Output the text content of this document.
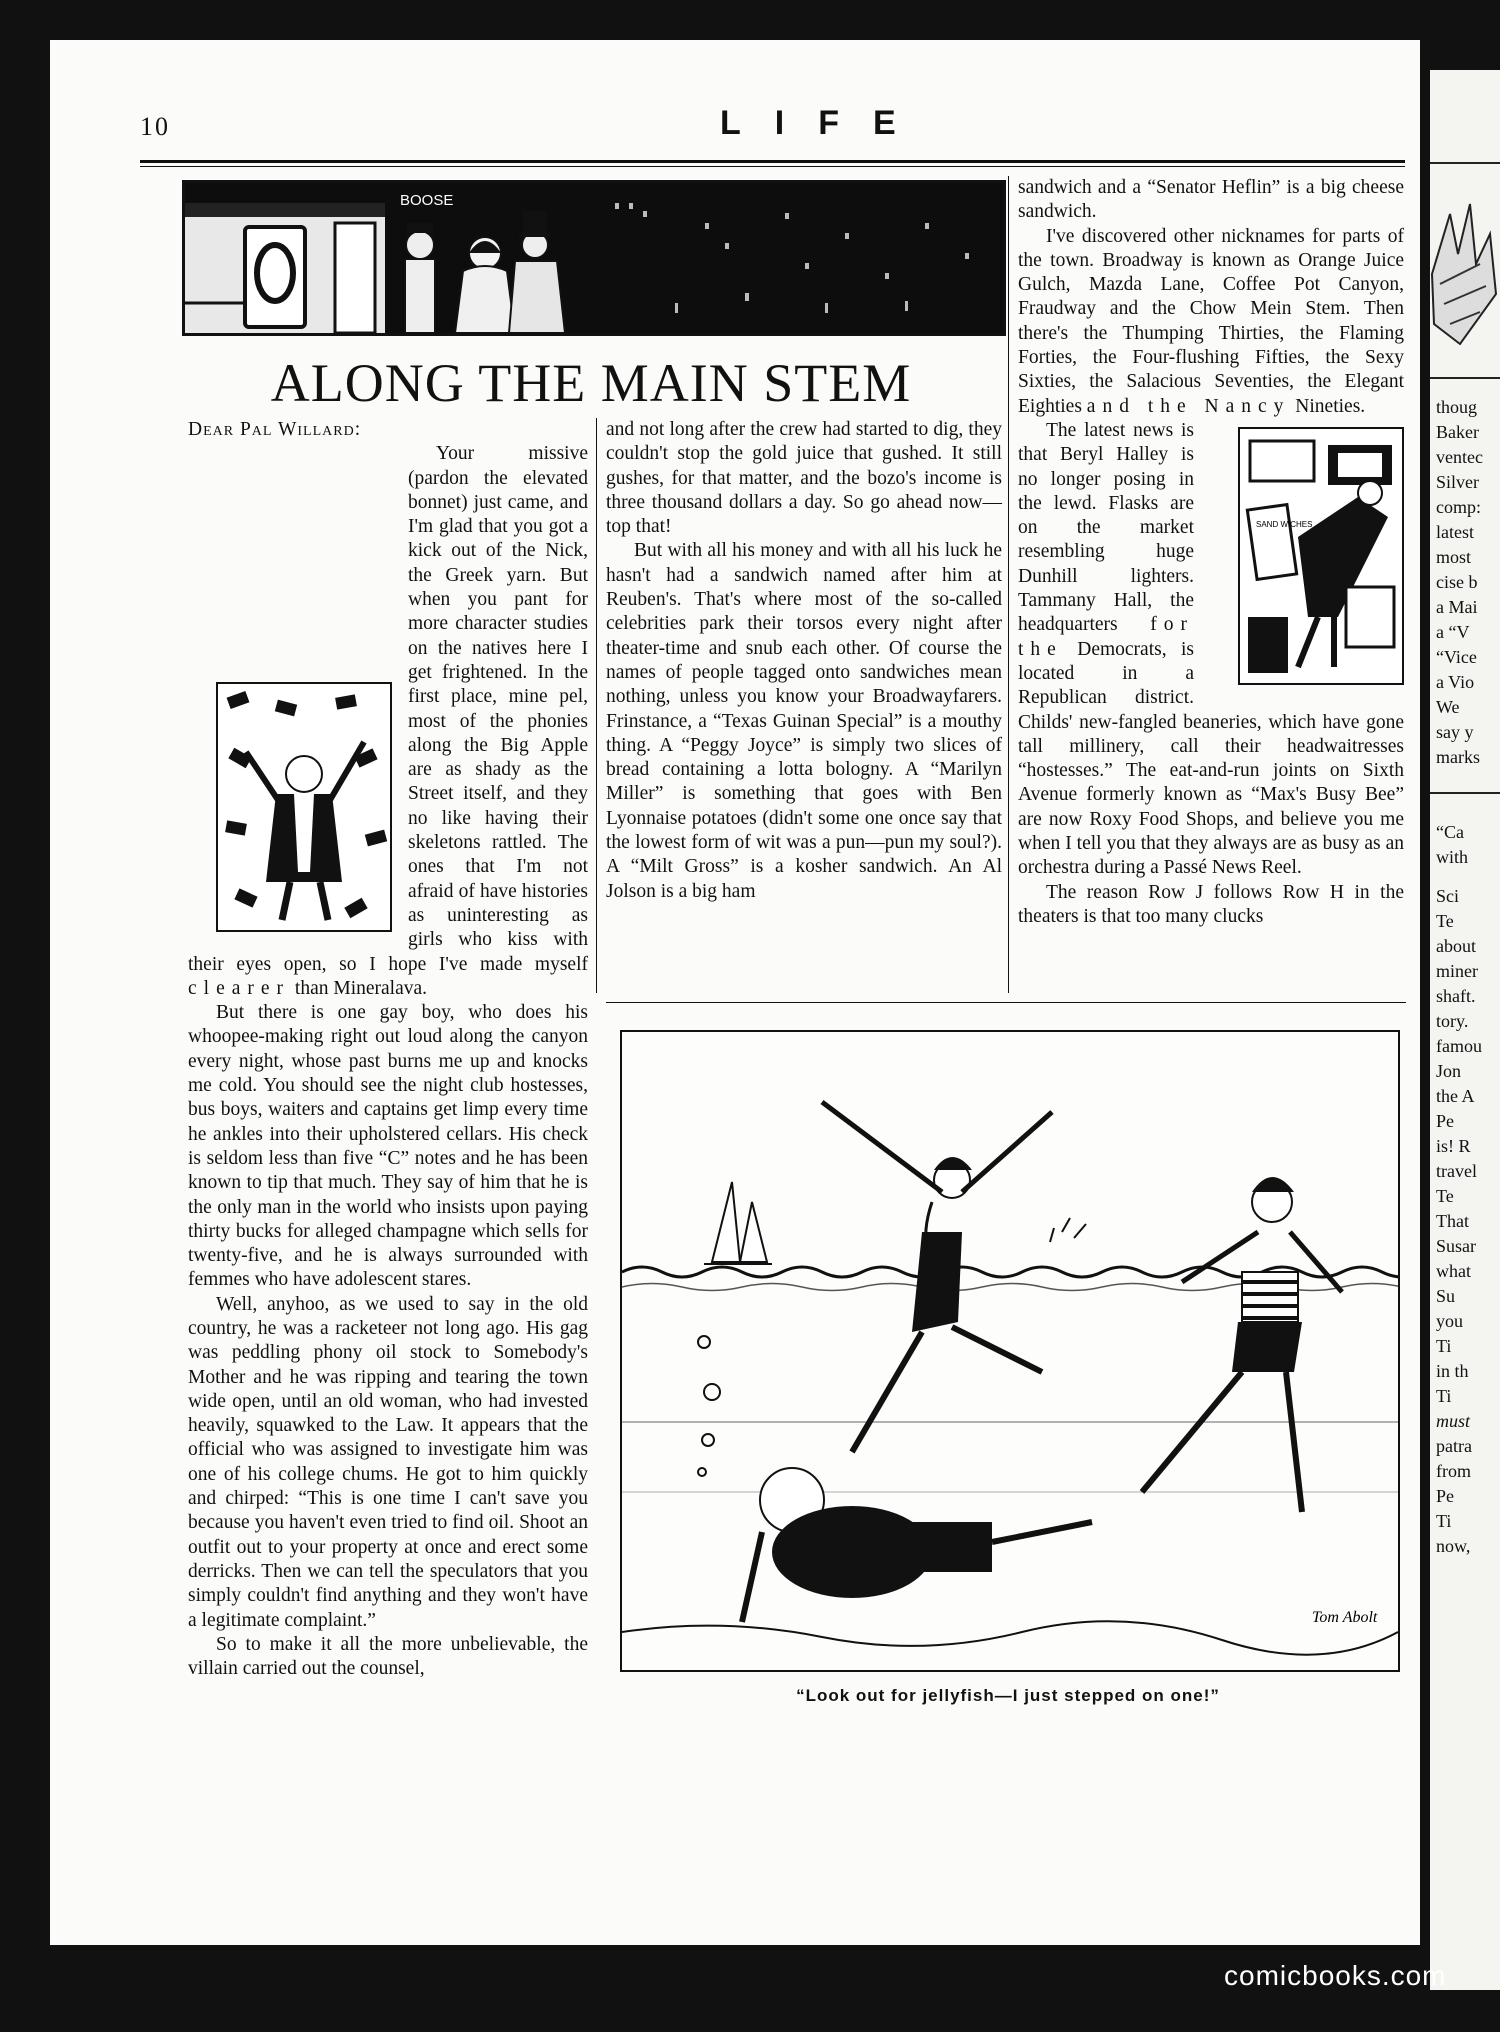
thoug
Baker
ventec
Silver
comp:
latest
most
cise b
a Mai
a “V
“Vice
a Vio
We
say y
marks
“Ca
with
Sci
Te
about
miner
shaft.
tory.
famou
Jon
the A
Pe
is! R
travel
Te
That
Susar
what
Su
you
Ti
in th
Ti
must
patra
from
Pe
Ti
now,
10	LIFE
BOOSE
ALONG THE MAIN STEM

Dear Pal Willard:

Your missive (pardon the elevated bonnet) just came, and I'm glad that you got a kick out of the Nick, the Greek yarn. But when you pant for more character studies on the natives here I get frightened. In the first place, mine pel, most of the phonies along the Big Apple are as shady as the Street itself, and they no like having their skeletons rattled. The ones that I'm not afraid of have histories as uninteresting as girls who kiss with their eyes open, so I hope I've made myself clearer than Mineralava.

But there is one gay boy, who does his whoopee-making right out loud along the canyon every night, whose past burns me up and knocks me cold. You should see the night club hostesses, bus boys, waiters and captains get limp every time he ankles into their upholstered cellars. His check is seldom less than five “C” notes and he has been known to tip that much. They say of him that he is the only man in the world who insists upon paying thirty bucks for alleged champagne which sells for twenty-five, and he is always surrounded with femmes who have adolescent stares.

Well, anyhoo, as we used to say in the old country, he was a racketeer not long ago. His gag was peddling phony oil stock to Somebody's Mother and he was ripping and tearing the town wide open, until an old woman, who had invested heavily, squawked to the Law. It appears that the official who was assigned to investigate him was one of his college chums. He got to him quickly and chirped: “This is one time I can't save you because you haven't even tried to find oil. Shoot an outfit out to your property at once and erect some derricks. Then we can tell the speculators that you simply couldn't find anything and they won't have a legitimate complaint.”

So to make it all the more unbelievable, the villain carried out the counsel,

and not long after the crew had started to dig, they couldn't stop the gold juice that gushed. It still gushes, for that matter, and the bozo's income is three thousand dollars a day. So go ahead now—top that!

But with all his money and with all his luck he hasn't had a sandwich named after him at Reuben's. That's where most of the so-called celebrities park their torsos every night after theater-time and snub each other. Of course the names of people tagged onto sandwiches mean nothing, unless you know your Broadwayfarers. Frinstance, a “Texas Guinan Special” is a mouthy thing. A “Peggy Joyce” is simply two slices of bread containing a lotta bologny. A “Marilyn Miller” is something that goes with Ben Lyonnaise potatoes (didn't some one once say that the lowest form of wit was a pun—pun my soul?). A “Milt Gross” is a kosher sandwich. An Al Jolson is a big ham

sandwich and a “Senator Heflin” is a big cheese sandwich.

I've discovered other nicknames for parts of the town. Broadway is known as Orange Juice Gulch, Mazda Lane, Coffee Pot Canyon, Fraudway and the Chow Mein Stem. Then there's the Thumping Thirties, the Flaming Forties, the Four-flushing Fifties, the Sexy Sixties, the Salacious Seventies, the Elegant Eighties and the Nancy Nineties.

SAND WICHES
The latest news is that Beryl Halley is no longer posing in the lewd. Flasks are on the market resembling huge Dunhill lighters. Tammany Hall, the headquarters for the Democrats, is located in a Republican district. Childs' new-fangled beaneries, which have gone tall millinery, call their headwaitresses “hostesses.” The eat-and-run joints on Sixth Avenue formerly known as “Max's Busy Bee” are now Roxy Food Shops, and believe you me when I tell you that they always are as busy as an orchestra during a Passé News Reel.

The reason Row J follows Row H in the theaters is that too many clucks

Tom Abolt
“Look out for jellyfish—I just stepped on one!”
comicbooks.com
